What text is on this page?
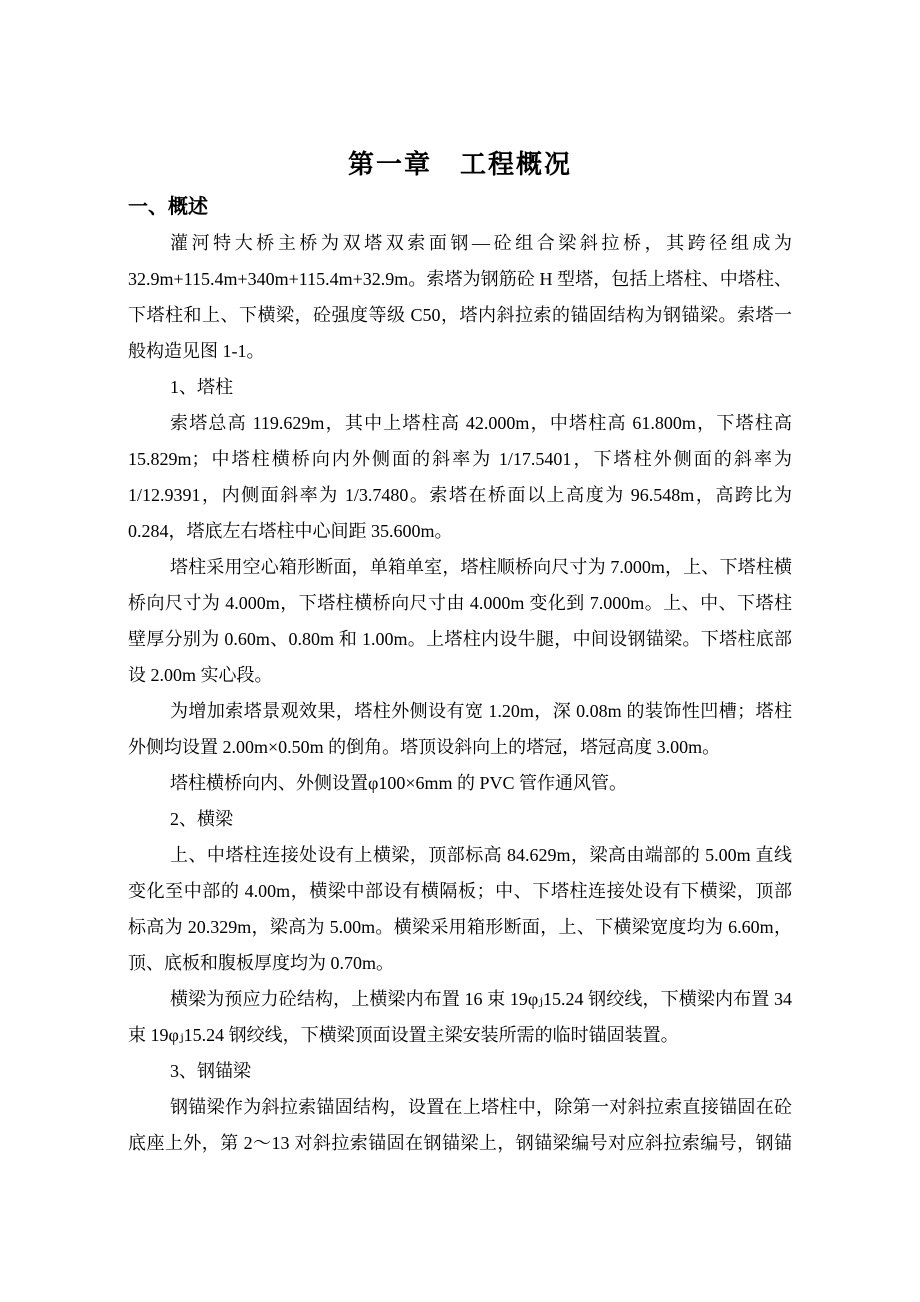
第一章　工程概况
一、概述
灌河特大桥主桥为双塔双索面钢—砼组合梁斜拉桥，其跨径组成为
32.9m+115.4m+340m+115.4m+32.9m。索塔为钢筋砼 H 型塔，包括上塔柱、中塔柱、
下塔柱和上、下横梁，砼强度等级 C50，塔内斜拉索的锚固结构为钢锚梁。索塔一
般构造见图 1-1。
1、塔柱
索塔总高 119.629m，其中上塔柱高 42.000m，中塔柱高 61.800m，下塔柱高
15.829m；中塔柱横桥向内外侧面的斜率为 1/17.5401，下塔柱外侧面的斜率为
1/12.9391，内侧面斜率为 1/3.7480。索塔在桥面以上高度为 96.548m，高跨比为
0.284，塔底左右塔柱中心间距 35.600m。
塔柱采用空心箱形断面，单箱单室，塔柱顺桥向尺寸为 7.000m，上、下塔柱横
桥向尺寸为 4.000m，下塔柱横桥向尺寸由 4.000m 变化到 7.000m。上、中、下塔柱
壁厚分别为 0.60m、0.80m 和 1.00m。上塔柱内设牛腿，中间设钢锚梁。下塔柱底部
设 2.00m 实心段。
为增加索塔景观效果，塔柱外侧设有宽 1.20m，深 0.08m 的装饰性凹槽；塔柱
外侧均设置 2.00m×0.50m 的倒角。塔顶设斜向上的塔冠，塔冠高度 3.00m。
塔柱横桥向内、外侧设置φ100×6mm 的 PVC 管作通风管。
2、横梁
上、中塔柱连接处设有上横梁，顶部标高 84.629m，梁高由端部的 5.00m 直线
变化至中部的 4.00m，横梁中部设有横隔板；中、下塔柱连接处设有下横梁，顶部
标高为 20.329m，梁高为 5.00m。横梁采用箱形断面，上、下横梁宽度均为 6.60m，
顶、底板和腹板厚度均为 0.70m。
横梁为预应力砼结构，上横梁内布置 16 束 19φⱼ15.24 钢绞线，下横梁内布置 34
束 19φⱼ15.24 钢绞线，下横梁顶面设置主梁安装所需的临时锚固装置。
3、钢锚梁
钢锚梁作为斜拉索锚固结构，设置在上塔柱中，除第一对斜拉索直接锚固在砼
底座上外，第 2～13 对斜拉索锚固在钢锚梁上，钢锚梁编号对应斜拉索编号，钢锚
